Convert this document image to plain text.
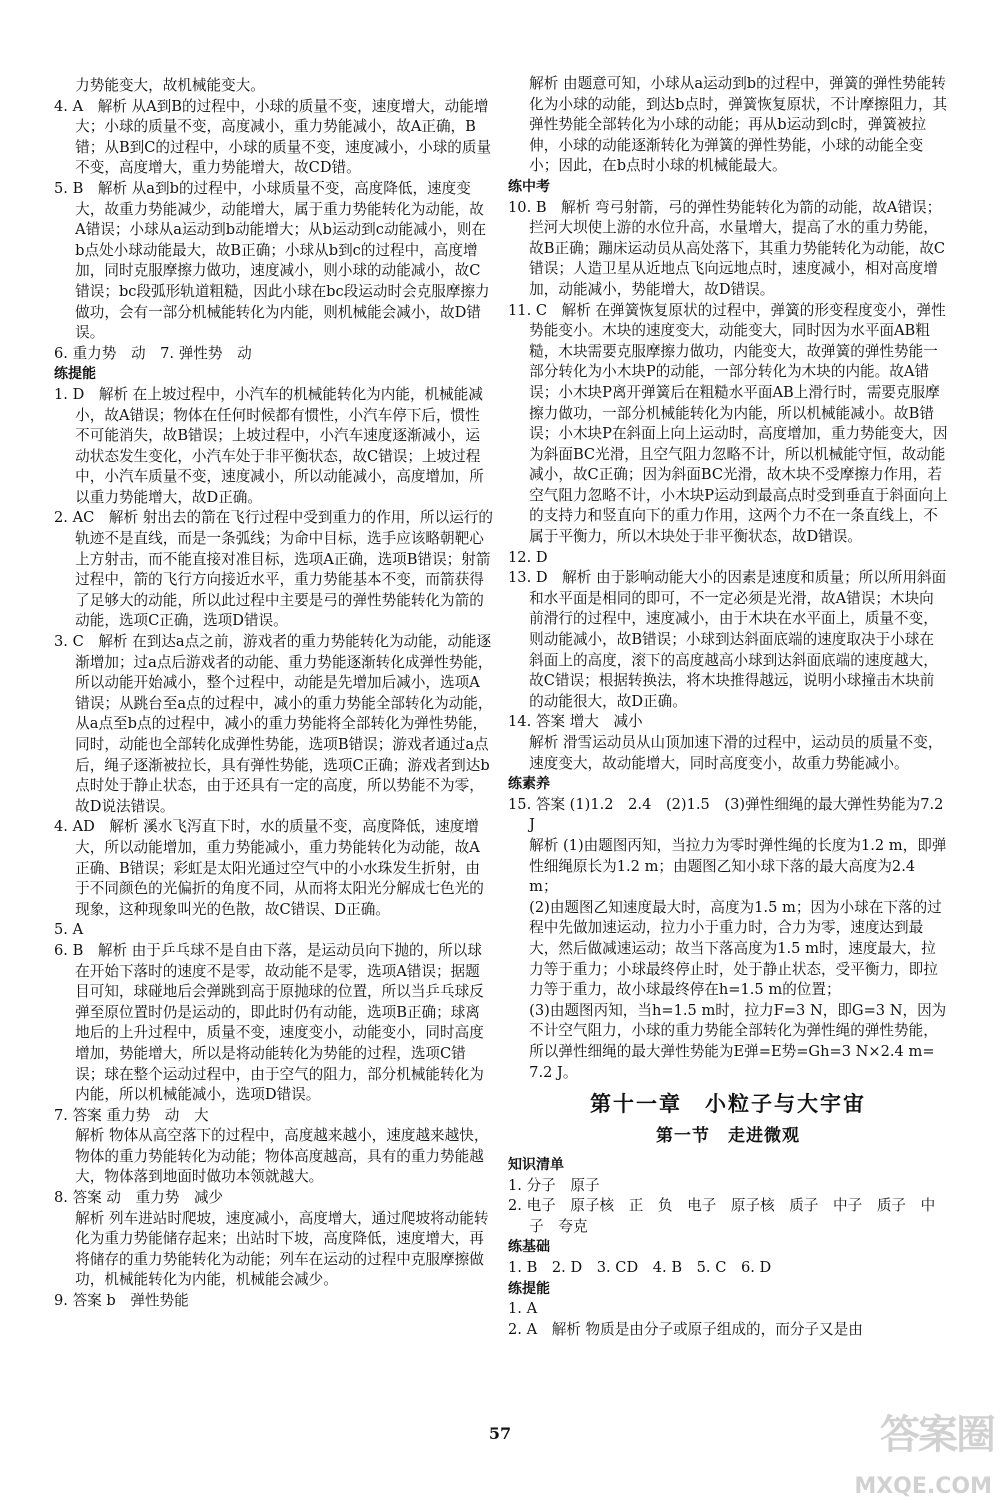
力势能变大，故机械能变大。

4. A　解析 从A到B的过程中，小球的质量不变，速度增大，动能增大；小球的质量不变，高度减小，重力势能减小，故A正确，B错；从B到C的过程中，小球的质量不变，速度减小，小球的质量不变，高度增大，重力势能增大，故CD错。

5. B　解析 从a到b的过程中，小球质量不变，高度降低，速度变大，故重力势能减少，动能增大，属于重力势能转化为动能，故A错误；小球从a运动到b动能增大；从b运动到c动能减小，则在b点处小球动能最大，故B正确；小球从b到c的过程中，高度增加，同时克服摩擦力做功，速度减小，则小球的动能减小，故C错误；bc段弧形轨道粗糙，因此小球在bc段运动时会克服摩擦力做功，会有一部分机械能转化为内能，则机械能会减小，故D错误。

6. 重力势　动　7. 弹性势　动

练提能

1. D　解析 在上坡过程中，小汽车的机械能转化为内能，机械能减小，故A错误；物体在任何时候都有惯性，小汽车停下后，惯性不可能消失，故B错误；上坡过程中，小汽车速度逐渐减小，运动状态发生变化，小汽车处于非平衡状态，故C错误；上坡过程中，小汽车质量不变，速度减小，所以动能减小，高度增加，所以重力势能增大，故D正确。

2. AC　解析 射出去的箭在飞行过程中受到重力的作用，所以运行的轨迹不是直线，而是一条弧线；为命中目标，选手应该略朝靶心上方射击，而不能直接对准目标，选项A正确，选项B错误；射箭过程中，箭的飞行方向接近水平，重力势能基本不变，而箭获得了足够大的动能，所以此过程中主要是弓的弹性势能转化为箭的动能，选项C正确，选项D错误。

3. C　解析 在到达a点之前，游戏者的重力势能转化为动能，动能逐渐增加；过a点后游戏者的动能、重力势能逐渐转化成弹性势能，所以动能开始减小，整个过程中，动能是先增加后减小，选项A错误；从跳台至a点的过程中，减小的重力势能全部转化为动能，从a点至b点的过程中，减小的重力势能将全部转化为弹性势能，同时，动能也全部转化成弹性势能，选项B错误；游戏者通过a点后，绳子逐渐被拉长，具有弹性势能，选项C正确；游戏者到达b点时处于静止状态，由于还具有一定的高度，所以势能不为零，故D说法错误。

4. AD　解析 溪水飞泻直下时，水的质量不变，高度降低，速度增大，所以动能增加，重力势能减小，重力势能转化为动能，故A正确、B错误；彩虹是太阳光通过空气中的小水珠发生折射，由于不同颜色的光偏折的角度不同，从而将太阳光分解成七色光的现象，这种现象叫光的色散，故C错误、D正确。

5. A

6. B　解析 由于乒乓球不是自由下落，是运动员向下抛的，所以球在开始下落时的速度不是零，故动能不是零，选项A错误；据题目可知，球碰地后会弹跳到高于原抛球的位置，所以当乒乓球反弹至原位置时仍是运动的，即此时仍有动能，选项B正确；球离地后的上升过程中，质量不变，速度变小，动能变小，同时高度增加，势能增大，所以是将动能转化为势能的过程，选项C错误；球在整个运动过程中，由于空气的阻力，部分机械能转化为内能，所以机械能减小，选项D错误。

7. 答案 重力势　动　大

解析 物体从高空落下的过程中，高度越来越小，速度越来越快，物体的重力势能转化为动能；物体高度越高，具有的重力势能越大，物体落到地面时做功本领就越大。

8. 答案 动　重力势　减少

解析 列车进站时爬坡，速度减小，高度增大，通过爬坡将动能转化为重力势能储存起来；出站时下坡，高度降低，速度增大，再将储存的重力势能转化为动能；列车在运动的过程中克服摩擦做功，机械能转化为内能，机械能会减少。

9. 答案 b　弹性势能

解析 由题意可知，小球从a运动到b的过程中，弹簧的弹性势能转化为小球的动能，到达b点时，弹簧恢复原状，不计摩擦阻力，其弹性势能全部转化为小球的动能；再从b运动到c时，弹簧被拉伸，小球的动能逐渐转化为弹簧的弹性势能，小球的动能全变小；因此，在b点时小球的机械能最大。

练中考

10. B　解析 弯弓射箭，弓的弹性势能转化为箭的动能，故A错误；拦河大坝使上游的水位升高，水量增大，提高了水的重力势能，故B正确；蹦床运动员从高处落下，其重力势能转化为动能，故C错误；人造卫星从近地点飞向远地点时，速度减小，相对高度增加，动能减小，势能增大，故D错误。

11. C　解析 在弹簧恢复原状的过程中，弹簧的形变程度变小，弹性势能变小。木块的速度变大，动能变大，同时因为水平面AB粗糙，木块需要克服摩擦力做功，内能变大，故弹簧的弹性势能一部分转化为小木块P的动能，一部分转化为木块的内能。故A错误；小木块P离开弹簧后在粗糙水平面AB上滑行时，需要克服摩擦力做功，一部分机械能转化为内能，所以机械能减小。故B错误；小木块P在斜面上向上运动时，高度增加，重力势能变大，因为斜面BC光滑，且空气阻力忽略不计，所以机械能守恒，故动能减小，故C正确；因为斜面BC光滑，故木块不受摩擦力作用，若空气阻力忽略不计，小木块P运动到最高点时受到垂直于斜面向上的支持力和竖直向下的重力作用，这两个力不在一条直线上，不属于平衡力，所以木块处于非平衡状态，故D错误。

12. D

13. D　解析 由于影响动能大小的因素是速度和质量；所以所用斜面和水平面是相同的即可，不一定必须是光滑，故A错误；木块向前滑行的过程中，速度减小，由于木块在水平面上，质量不变，则动能减小，故B错误；小球到达斜面底端的速度取决于小球在斜面上的高度，滚下的高度越高小球到达斜面底端的速度越大，故C错误；根据转换法，将木块推得越远，说明小球撞击木块前的动能很大，故D正确。

14. 答案 增大　减小

解析 滑雪运动员从山顶加速下滑的过程中，运动员的质量不变，速度变大，故动能增大，同时高度变小，故重力势能减小。

练素养

15. 答案 (1)1.2　2.4　(2)1.5　(3)弹性细绳的最大弹性势能为7.2 J

解析 (1)由题图丙知，当拉力为零时弹性绳的长度为1.2 m，即弹性细绳原长为1.2 m；由题图乙知小球下落的最大高度为2.4 m；

(2)由题图乙知速度最大时，高度为1.5 m；因为小球在下落的过程中先做加速运动，拉力小于重力时，合力为零，速度达到最大，然后做减速运动；故当下落高度为1.5 m时，速度最大，拉力等于重力；小球最终停止时，处于静止状态，受平衡力，即拉力等于重力，故小球最终停在h=1.5 m的位置；

(3)由题图丙知，当h=1.5 m时，拉力F=3 N，即G=3 N，因为不计空气阻力，小球的重力势能全部转化为弹性绳的弹性势能，所以弹性细绳的最大弹性势能为E弹=E势=Gh=3 N×2.4 m=7.2 J。

第十一章　小粒子与大宇宙
第一节　走进微观
知识清单

1. 分子　原子

2. 电子　原子核　正　负　电子　原子核　质子　中子　质子　中子　夸克

练基础

1. B　2. D　3. CD　4. B　5. C　6. D

练提能

1. A

2. A　解析 物质是由分子或原子组成的，而分子又是由

57	答案圈
MXQE.COM
